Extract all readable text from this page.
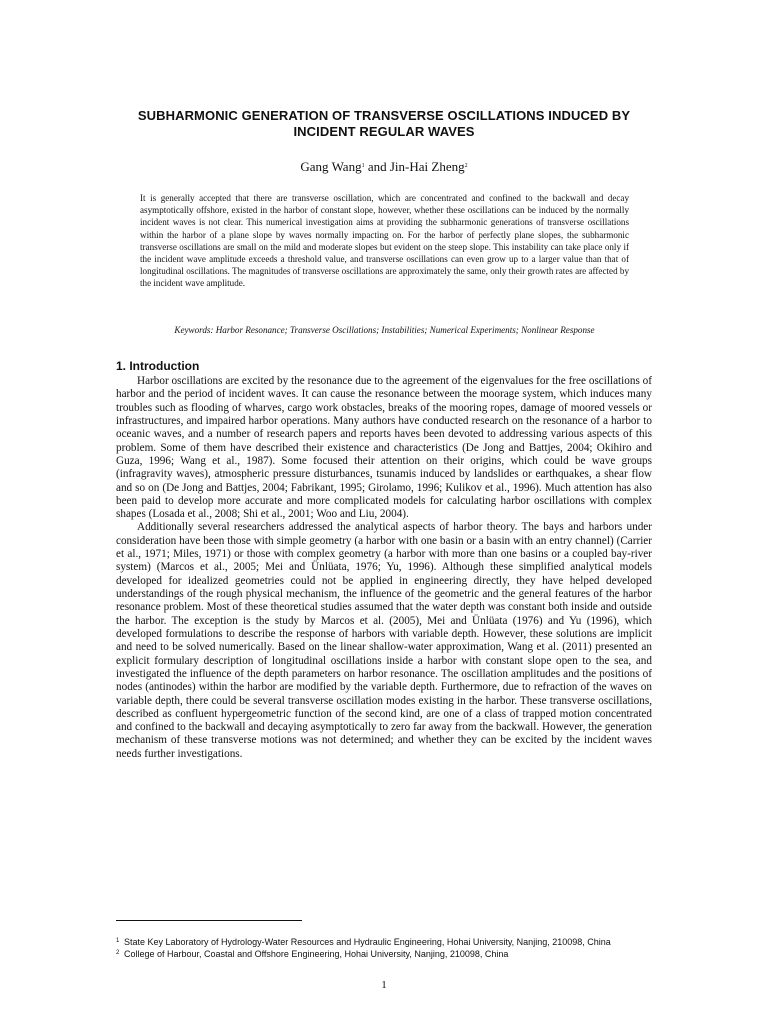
SUBHARMONIC GENERATION OF TRANSVERSE OSCILLATIONS INDUCED BY INCIDENT REGULAR WAVES
Gang Wang$^1$ and Jin-Hai Zheng$^2$

It is generally accepted that there are transverse oscillation, which are concentrated and confined to the backwall and decay asymptotically offshore, existed in the harbor of constant slope, however, whether these oscillations can be induced by the normally incident waves is not clear. This numerical investigation aims at providing the subharmonic generations of transverse oscillations within the harbor of a plane slope by waves normally impacting on. For the harbor of perfectly plane slopes, the subharmonic transverse oscillations are small on the mild and moderate slopes but evident on the steep slope. This instability can take place only if the incident wave amplitude exceeds a threshold value, and transverse oscillations can even grow up to a larger value than that of longitudinal oscillations. The magnitudes of transverse oscillations are approximately the same, only their growth rates are affected by the incident wave amplitude.

Keywords: Harbor Resonance; Transverse Oscillations; Instabilities; Numerical Experiments; Nonlinear Response

1. Introduction

Harbor oscillations are excited by the resonance due to the agreement of the eigenvalues for the free oscillations of harbor and the period of incident waves. It can cause the resonance between the moorage system, which induces many troubles such as flooding of wharves, cargo work obstacles, breaks of the mooring ropes, damage of moored vessels or infrastructures, and impaired harbor operations. Many authors have conducted research on the resonance of a harbor to oceanic waves, and a number of research papers and reports haves been devoted to addressing various aspects of this problem. Some of them have described their existence and characteristics (De Jong and Battjes, 2004; Okihiro and Guza, 1996; Wang et al., 1987). Some focused their attention on their origins, which could be wave groups (infragravity waves), atmospheric pressure disturbances, tsunamis induced by landslides or earthquakes, a shear flow and so on (De Jong and Battjes, 2004; Fabrikant, 1995; Girolamo, 1996; Kulikov et al., 1996). Much attention has also been paid to develop more accurate and more complicated models for calculating harbor oscillations with complex shapes (Losada et al., 2008; Shi et al., 2001; Woo and Liu, 2004).

Additionally several researchers addressed the analytical aspects of harbor theory. The bays and harbors under consideration have been those with simple geometry (a harbor with one basin or a basin with an entry channel) (Carrier et al., 1971; Miles, 1971) or those with complex geometry (a harbor with more than one basins or a coupled bay-river system) (Marcos et al., 2005; Mei and Ünlüata, 1976; Yu, 1996). Although these simplified analytical models developed for idealized geometries could not be applied in engineering directly, they have helped developed understandings of the rough physical mechanism, the influence of the geometric and the general features of the harbor resonance problem. Most of these theoretical studies assumed that the water depth was constant both inside and outside the harbor. The exception is the study by Marcos et al. (2005), Mei and Ünlüata (1976) and Yu (1996), which developed formulations to describe the response of harbors with variable depth. However, these solutions are implicit and need to be solved numerically. Based on the linear shallow-water approximation, Wang et al. (2011) presented an explicit formulary description of longitudinal oscillations inside a harbor with constant slope open to the sea, and investigated the influence of the depth parameters on harbor resonance. The oscillation amplitudes and the positions of nodes (antinodes) within the harbor are modified by the variable depth. Furthermore, due to refraction of the waves on variable depth, there could be several transverse oscillation modes existing in the harbor. These transverse oscillations, described as confluent hypergeometric function of the second kind, are one of a class of trapped motion concentrated and confined to the backwall and decaying asymptotically to zero far away from the backwall. However, the generation mechanism of these transverse motions was not determined; and whether they can be excited by the incident waves needs further investigations.

1 State Key Laboratory of Hydrology-Water Resources and Hydraulic Engineering, Hohai University, Nanjing, 210098, China
2 College of Harbour, Coastal and Offshore Engineering, Hohai University, Nanjing, 210098, China
1
